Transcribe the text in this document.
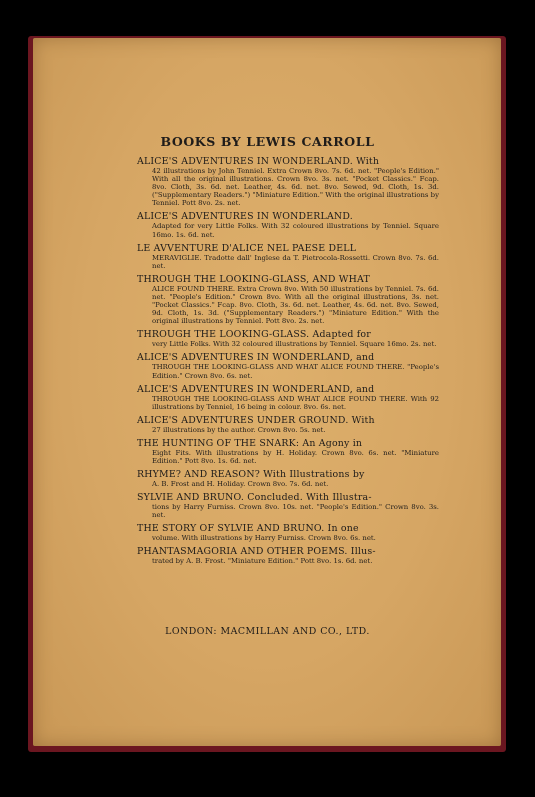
BOOKS BY LEWIS CARROLL
ALICE'S ADVENTURES IN WONDERLAND. With
42 illustrations by John Tenniel. Extra Crown 8vo. 7s. 6d. net. "People's Edition." With all the original illustrations. Crown 8vo. 3s. net. "Pocket Classics." Fcap. 8vo. Cloth, 3s. 6d. net. Leather, 4s. 6d. net. 8vo. Sewed, 9d. Cloth, 1s. 3d. ("Supplementary Readers.") "Miniature Edition." With the original illustrations by Tenniel. Pott 8vo. 2s. net.
ALICE'S ADVENTURES IN WONDERLAND.
Adapted for very Little Folks. With 32 coloured illustrations by Tenniel. Square 16mo. 1s. 6d. net.
LE AVVENTURE D'ALICE NEL PAESE DELL
MERAVIGLIE. Tradotte dall' Inglese da T. Pietrocola-Rossetti. Crown 8vo. 7s. 6d. net.
THROUGH THE LOOKING-GLASS, AND WHAT
ALICE FOUND THERE. Extra Crown 8vo. With 50 illustrations by Tenniel. 7s. 6d. net. "People's Edition." Crown 8vo. With all the original illustrations, 3s. net. "Pocket Classics." Fcap. 8vo. Cloth, 3s. 6d. net. Leather, 4s. 6d. net. 8vo. Sewed, 9d. Cloth, 1s. 3d. ("Supplementary Readers.") "Miniature Edition." With the original illustrations by Tenniel. Pott 8vo. 2s. net.
THROUGH THE LOOKING-GLASS. Adapted for
very Little Folks. With 32 coloured illustrations by Tenniel. Square 16mo. 2s. net.
ALICE'S ADVENTURES IN WONDERLAND, and
THROUGH THE LOOKING-GLASS AND WHAT ALICE FOUND THERE. "People's Edition." Crown 8vo. 6s. net.
ALICE'S ADVENTURES IN WONDERLAND, and
THROUGH THE LOOKING-GLASS AND WHAT ALICE FOUND THERE. With 92 illustrations by Tenniel, 16 being in colour. 8vo. 6s. net.
ALICE'S ADVENTURES UNDER GROUND. With
27 illustrations by the author. Crown 8vo. 5s. net.
THE HUNTING OF THE SNARK: An Agony in
Eight Fits. With illustrations by H. Holiday. Crown 8vo. 6s. net. "Miniature Edition." Pott 8vo. 1s. 6d. net.
RHYME? AND REASON? With Illustrations by
A. B. Frost and H. Holiday. Crown 8vo. 7s. 6d. net.
SYLVIE AND BRUNO. Concluded. With Illustra-
tions by Harry Furniss. Crown 8vo. 10s. net. "People's Edition." Crown 8vo. 3s. net.
THE STORY OF SYLVIE AND BRUNO. In one
volume. With illustrations by Harry Furniss. Crown 8vo. 6s. net.
PHANTASMAGORIA AND OTHER POEMS. Illus-
trated by A. B. Frost. "Miniature Edition." Pott 8vo. 1s. 6d. net.

LONDON: MACMILLAN AND CO., LTD.
